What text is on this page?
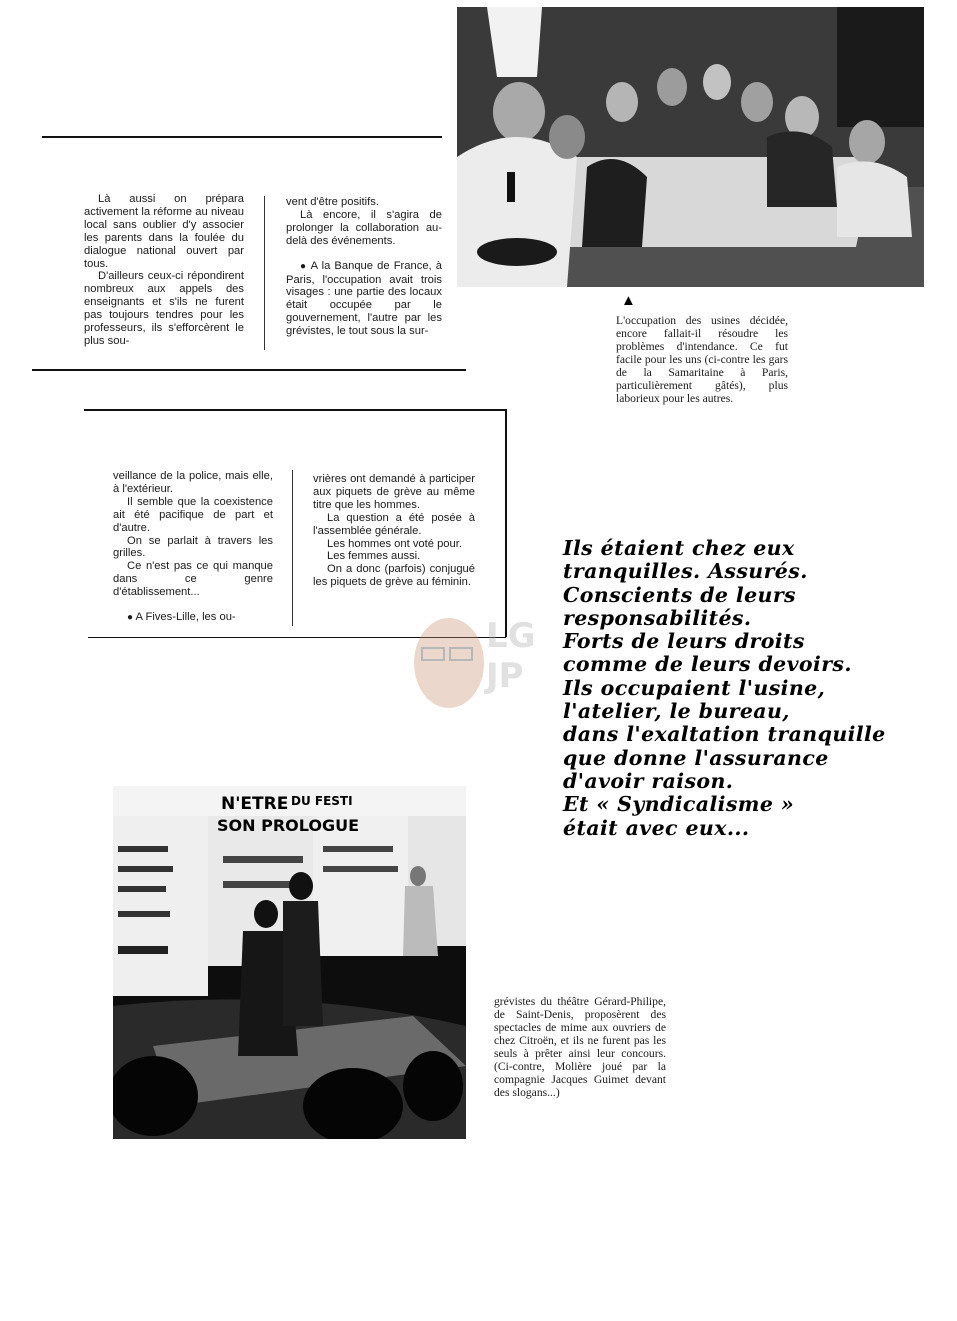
Là aussi on prépara activement la réforme au niveau local sans oublier d'y associer les parents dans la foulée du dialogue national ouvert par tous.

D'ailleurs ceux-ci répondirent nombreux aux appels des enseignants et s'ils ne furent pas toujours tendres pour les professeurs, ils s'efforcèrent le plus sou-

vent d'être positifs.

Là encore, il s'agira de prolonger la collaboration au-delà des événements.

● A la Banque de France, à Paris, l'occupation avait trois visages : une partie des locaux était occupée par le gouvernement, l'autre par les grévistes, le tout sous la sur-

▲
L'occupation des usines décidée, encore fallait-il résoudre les problèmes d'intendance. Ce fut facile pour les uns (ci-contre les gars de la Samaritaine à Paris, particulièrement gâtés), plus laborieux pour les autres.

veillance de la police, mais elle, à l'extérieur.

Il semble que la coexistence ait été pacifique de part et d'autre.

On se parlait à travers les grilles.

Ce n'est pas ce qui manque dans ce genre d'établissement...

● A Fives-Lille, les ou-

vrières ont demandé à participer aux piquets de grève au même titre que les hommes.

La question a été posée à l'assemblée générale.

Les hommes ont voté pour.

Les femmes aussi.

On a donc (parfois) conjugué les piquets de grève au féminin.

LG JP
Ils étaient chez eux
tranquilles. Assurés.
Conscients de leurs
responsabilités.
Forts de leurs droits
comme de leurs devoirs.
Ils occupaient l'usine,
l'atelier, le bureau,
dans l'exaltation tranquille
que donne l'assurance
d'avoir raison.
Et « Syndicalisme »
était avec eux...
N'ETRE DU FESTI
SON PROLOGUE
grévistes du théâtre Gérard-Philipe, de Saint-Denis, proposèrent des spectacles de mime aux ouvriers de chez Citroën, et ils ne furent pas les seuls à prêter ainsi leur concours. (Ci-contre, Molière joué par la compagnie Jacques Guimet devant des slogans...)
